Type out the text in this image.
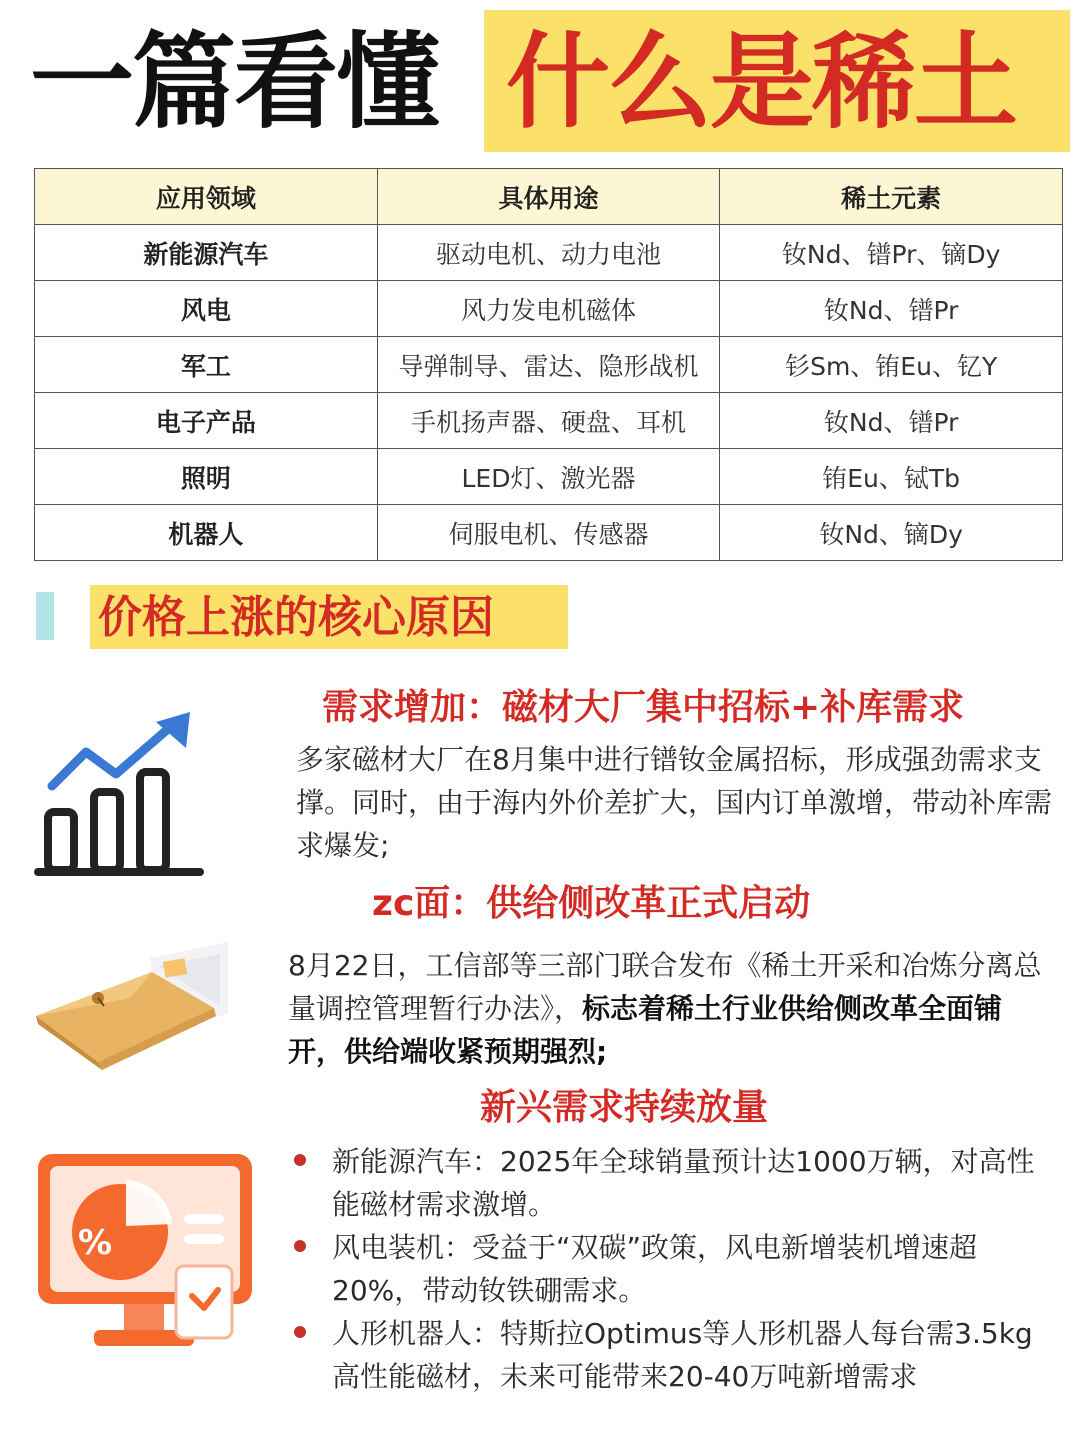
一篇看懂 什么是稀土
应用领域	具体用途	稀土元素
新能源汽车	驱动电机、动力电池	钕Nd、镨Pr、镝Dy
风电	风力发电机磁体	钕Nd、镨Pr
军工	导弹制导、雷达、隐形战机	钐Sm、铕Eu、钇Y
电子产品	手机扬声器、硬盘、耳机	钕Nd、镨Pr
照明	LED灯、激光器	铕Eu、铽Tb
机器人	伺服电机、传感器	钕Nd、镝Dy
价格上涨的核心原因
需求增加：磁材大厂集中招标+补库需求
多家磁材大厂在8月集中进行镨钕金属招标，形成强劲需求支撑。同时，由于海内外价差扩大，国内订单激增，带动补库需求爆发;
zc面：供给侧改革正式启动
8月22日，工信部等三部门联合发布《稀土开采和冶炼分离总量调控管理暂行办法》，标志着稀土行业供给侧改革全面铺开，供给端收紧预期强烈;
%
新兴需求持续放量
新能源汽车：2025年全球销量预计达1000万辆，对高性能磁材需求激增。
风电装机：受益于“双碳”政策，风电新增装机增速超20%，带动钕铁硼需求。
人形机器人：特斯拉Optimus等人形机器人每台需3.5kg高性能磁材，未来可能带来20-40万吨新增需求
